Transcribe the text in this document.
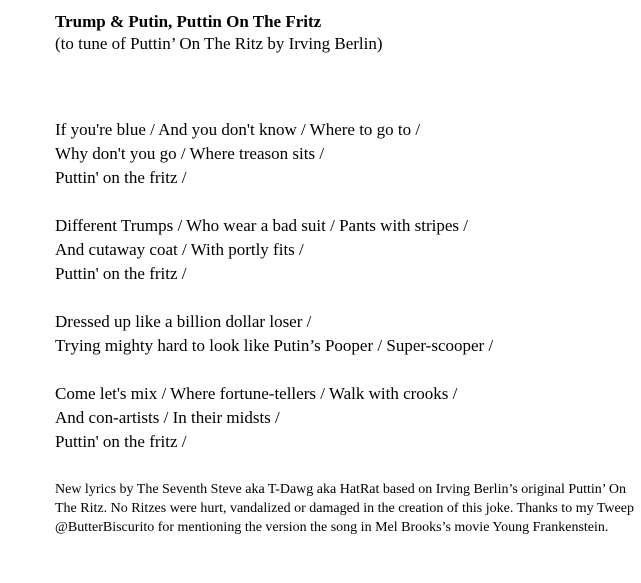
Trump & Putin, Puttin On The Fritz
(to tune of Puttin’ On The Ritz by Irving Berlin)
If you're blue / And you don't know / Where to go to /
Why don't you go / Where treason sits /
Puttin' on the fritz /
Different Trumps / Who wear a bad suit / Pants with stripes /
And cutaway coat / With portly fits /
Puttin' on the fritz /
Dressed up like a billion dollar loser /
Trying mighty hard to look like Putin’s Pooper / Super-scooper /
Come let's mix / Where fortune-tellers / Walk with crooks /
And con-artists / In their midsts /
Puttin' on the fritz /

New lyrics by The Seventh Steve aka T-Dawg aka HatRat based on Irving Berlin’s original Puttin’ On The Ritz. No Ritzes were hurt, vandalized or damaged in the creation of this joke. Thanks to my Tweep @ButterBiscurito for mentioning the version the song in Mel Brooks’s movie Young Frankenstein.
